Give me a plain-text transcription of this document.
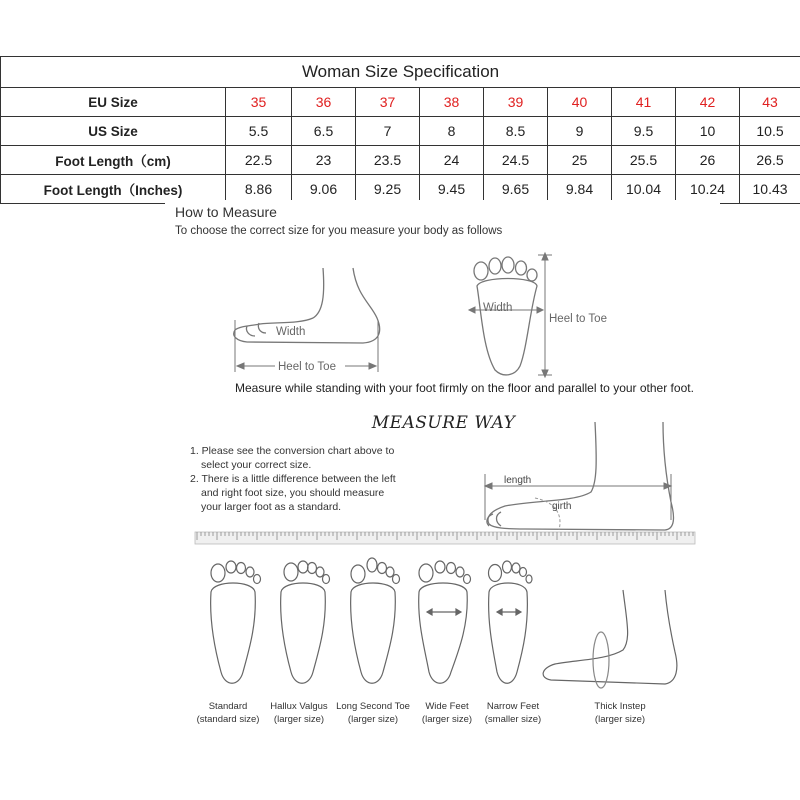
Woman Size Specification									
EU Size	35	36	37	38	39	40	41	42	43
US Size	5.5	6.5	7	8	8.5	9	9.5	10	10.5
Foot Length（cm)	22.5	23	23.5	24	24.5	25	25.5	26	26.5
Foot Length（Inches)	8.86	9.06	9.25	9.45	9.65	9.84	10.04	10.24	10.43
How to Measure
To choose the correct size for you measure your body as follows
Width
Heel to Toe
Width
Heel to Toe
Measure while standing with your foot firmly on the floor and parallel to your other foot.
MEASURE WAY
1. Please see the conversion chart above to
select your correct size.
2. There is a little difference between the left
and right foot size, you should measure
your larger foot as a standard.
length
girth
Standard
(standard size)
Hallux Valgus
(larger size)
Long Second Toe
(larger size)
Wide Feet
(larger size)
Narrow Feet
(smaller size)
Thick Instep
(larger size)
